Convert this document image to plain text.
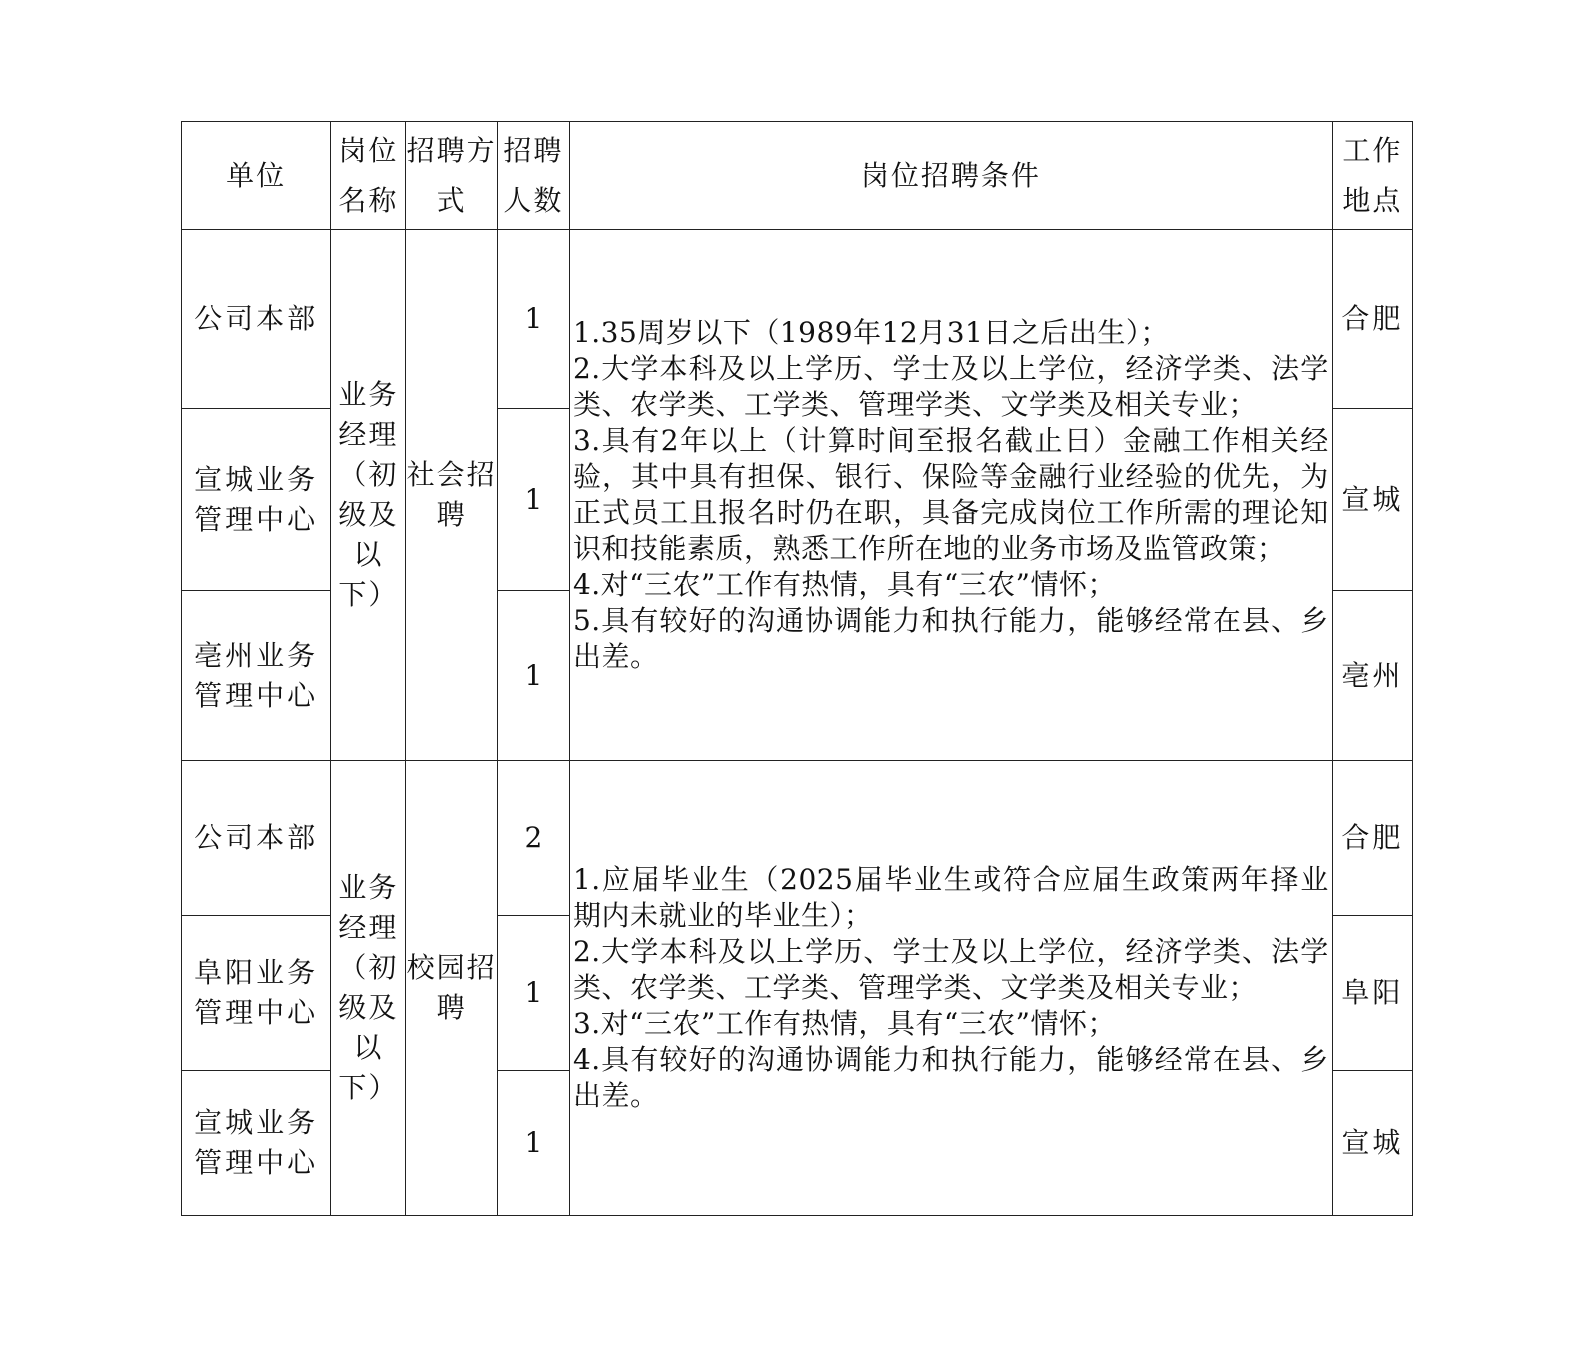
单位	岗位名称	招聘方式	招聘人数	岗位招聘条件	工作地点
公司本部	业务经理（初级及以下）	社会招聘	1	1.35周岁以下（1989年12月31日之后出生）；
2.大学本科及以上学历、学士及以上学位，经济学类、法学类、农学类、工学类、管理学类、文学类及相关专业；
3.具有2年以上（计算时间至报名截止日）金融工作相关经验，其中具有担保、银行、保险等金融行业经验的优先，为正式员工且报名时仍在职，具备完成岗位工作所需的理论知识和技能素质，熟悉工作所在地的业务市场及监管政策；
4.对“三农”工作有热情，具有“三农”情怀；
5.具有较好的沟通协调能力和执行能力，能够经常在县、乡出差。	合肥
宣城业务管理中心			1		宣城
亳州业务管理中心			1		亳州
公司本部	业务经理（初级及以下）	校园招聘	2	1.应届毕业生（2025届毕业生或符合应届生政策两年择业期内未就业的毕业生）；
2.大学本科及以上学历、学士及以上学位，经济学类、法学类、农学类、工学类、管理学类、文学类及相关专业；
3.对“三农”工作有热情，具有“三农”情怀；
4.具有较好的沟通协调能力和执行能力，能够经常在县、乡出差。	合肥
阜阳业务管理中心			1		阜阳
宣城业务管理中心			1		宣城
